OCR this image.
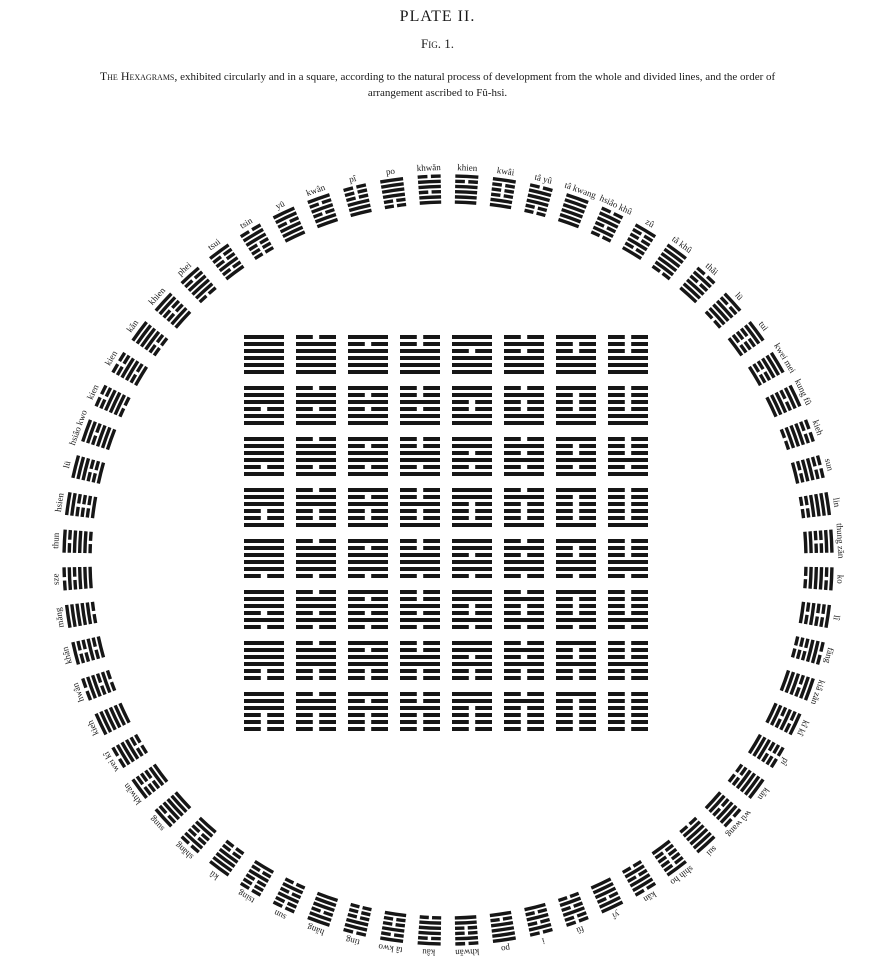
PLATE II.
Fig. 1.
The Hexagrams, exhibited circularly and in a square, according to the natural process of development from the whole and divided lines, and the order of arrangement ascribed to Fû-hsi.
khien kwâi
tâ yû
tâ kwang
hsiâo khû
zû
tâ khû
thâi
lü
tui
kwei mei
kung fû
kieh
sun
lin
thung zăn
ko
lî
făng
kiâ zăn
kî kî
pî
kăn
wû wang
sui
shih ho
kăn
yî
fû
i
po
khwăn
kâu
tâ kwo
ting
hăng
sun
tsing
kû
shăng
sung
khwăn
wei kî
kieh
hwân
khân
măng
sze
thun
hsien
lü
hsiâo kwo
kien
kien
kăn
khien
phei
tsui
tsin
yü
kwân
pî
po khwăn
